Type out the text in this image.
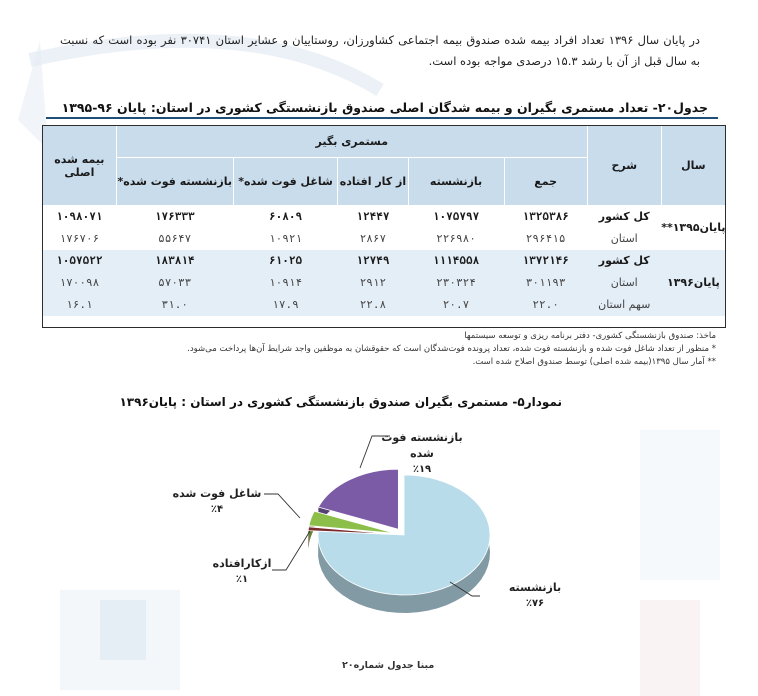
در پایان سال ۱۳۹۶ تعداد افراد بیمه شده صندوق بیمه اجتماعی کشاورزان، روستاییان و عشایر استان ۳۰۷۴۱ نفر بوده است که نسبت به سال قبل از آن با رشد ۱۵.۳ درصدی مواجه بوده است.

جدول۲۰- تعداد مستمری بگیران و بیمه شدگان اصلی صندوق بازنشستگی کشوری در استان: پایان ۹۶-۱۳۹۵
سال	شرح	مستمری بگیر					بیمه شده اصلی
		جمع	بازنشسته	از کار افتاده	شاغل فوت شده*	بازنشسته فوت شده*	
پایان۱۳۹۵**	کل کشور	۱۳۲۵۳۸۶	۱۰۷۵۷۹۷	۱۲۴۴۷	۶۰۸۰۹	۱۷۶۳۳۳	۱۰۹۸۰۷۱
	استان	۲۹۶۴۱۵	۲۲۶۹۸۰	۲۸۶۷	۱۰۹۲۱	۵۵۶۴۷	۱۷۶۷۰۶
پایان۱۳۹۶	کل کشور	۱۳۷۲۱۴۶	۱۱۱۴۵۵۸	۱۲۷۴۹	۶۱۰۲۵	۱۸۳۸۱۴	۱۰۵۷۵۲۲
	استان	۳۰۱۱۹۳	۲۳۰۳۲۴	۲۹۱۲	۱۰۹۱۴	۵۷۰۳۳	۱۷۰۰۹۸
	سهم استان	۲۲.۰	۲۰.۷	۲۲.۸	۱۷.۹	۳۱.۰	۱۶.۱
ماخذ: صندوق بازنشستگی کشوری- دفتر برنامه ریزی و توسعه سیستمها
* منظور از تعداد شاغل فوت شده و بازنشسته فوت شده، تعداد پرونده فوت‌شدگان است که حقوقشان به موظفین واجد شرایط آن‌ها پرداخت می‌شود.
** آمار سال ۱۳۹۵(بیمه شده اصلی) توسط صندوق اصلاح شده است.
نمودار۵- مستمری بگیران صندوق بازنشستگی کشوری در استان : پایان۱۳۹۶
بازنشسته فوت شده
٪۱۹
شاغل فوت شده
٪۴
ازکارافتاده
٪۱
بازنشسته
٪۷۶
مبنا جدول شماره۲۰
